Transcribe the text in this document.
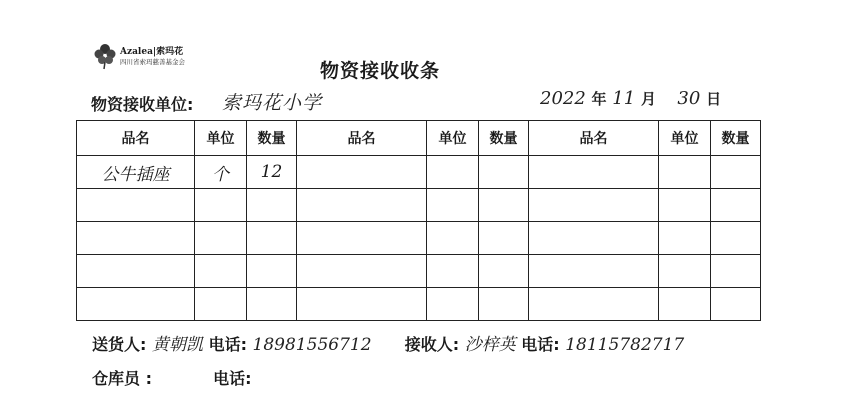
Azalea|索玛花
四川省索玛慈善基金会	物资接收收条
物资接收单位: 索玛花小学	2022 年 11 月 30 日
品名	单位	数量	品名	单位	数量	品名	单位	数量
公牛插座	个	12						

送货人: 黄朝凯 电话: 18981556712 接收人: 沙梓英 电话: 18115782717
仓库员 :	电话:
